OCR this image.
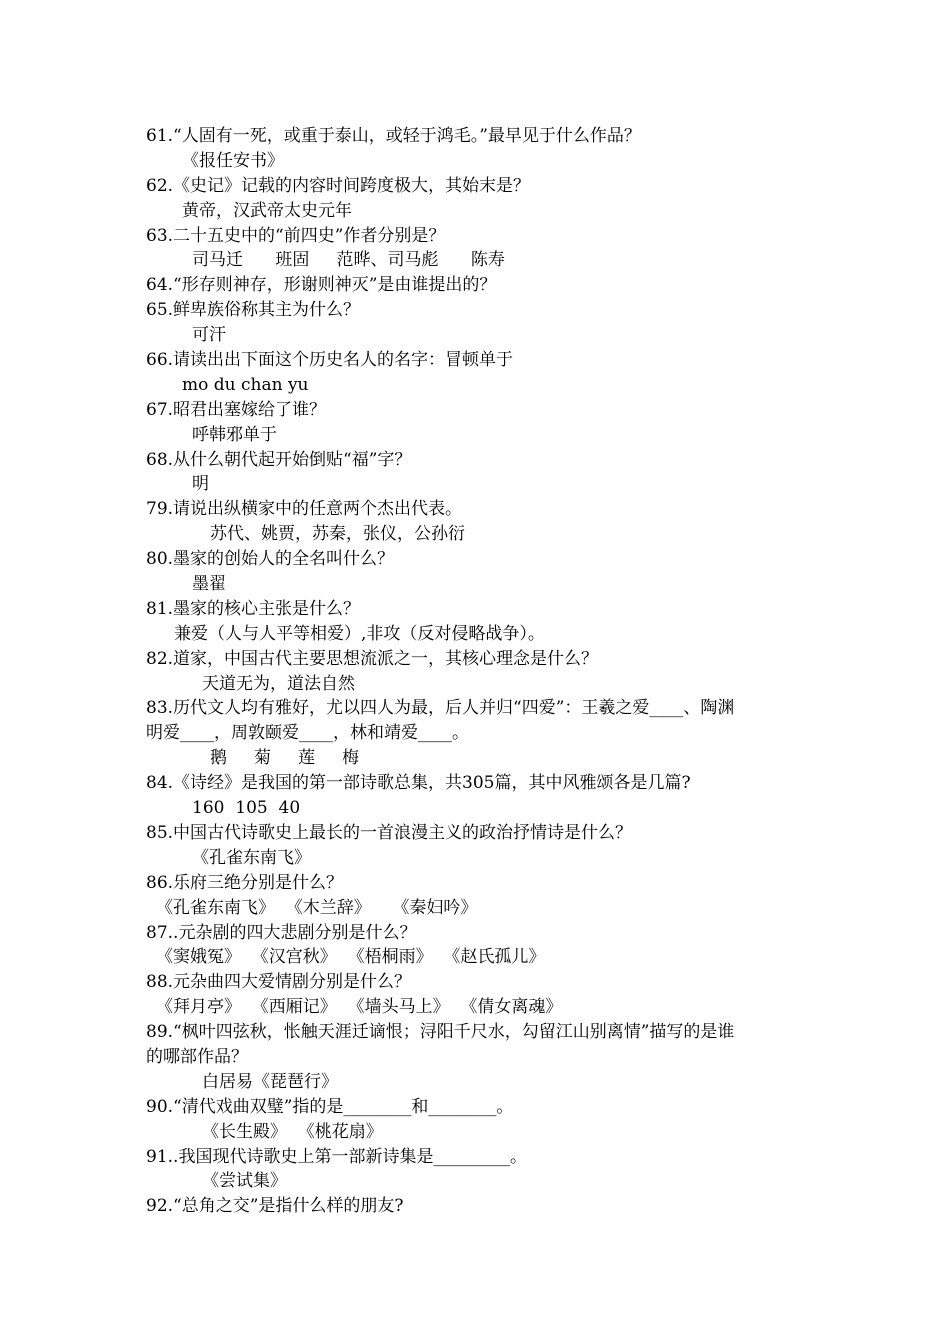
61.“人固有一死，或重于泰山，或轻于鸿毛。”最早见于什么作品？
《报任安书》
62.《史记》记载的内容时间跨度极大，其始末是？
黄帝，汉武帝太史元年
63.二十五史中的“前四史”作者分别是？
司马迁      班固     范晔、司马彪      陈寿
64.“形存则神存，形谢则神灭”是由谁提出的？
65.鲜卑族俗称其主为什么？
可汗
66.请读出出下面这个历史名人的名字：冒顿单于
mo du chan yu
67.昭君出塞嫁给了谁？
呼韩邪单于
68.从什么朝代起开始倒贴“福”字？
明
79.请说出纵横家中的任意两个杰出代表。
苏代、姚贾，苏秦，张仪，公孙衍
80.墨家的创始人的全名叫什么？
墨翟
81.墨家的核心主张是什么？
兼爱（人与人平等相爱）,非攻（反对侵略战争）。
82.道家，中国古代主要思想流派之一，其核心理念是什么？
天道无为，道法自然
83.历代文人均有雅好，尤以四人为最，后人并归“四爱”：王羲之爱____、陶渊
明爱____，周敦颐爱____，林和靖爱____。
鹅     菊     莲     梅
84.《诗经》是我国的第一部诗歌总集，共305篇，其中风雅颂各是几篇?
160  105  40
85.中国古代诗歌史上最长的一首浪漫主义的政治抒情诗是什么？
《孔雀东南飞》
86.乐府三绝分别是什么？
《孔雀东南飞》  《木兰辞》    《秦妇吟》
87..元杂剧的四大悲剧分别是什么？
《窦娥冤》  《汉宫秋》  《梧桐雨》  《赵氏孤儿》
88.元杂曲四大爱情剧分别是什么？
《拜月亭》  《西厢记》  《墙头马上》  《倩女离魂》
89.“枫叶四弦秋，怅触天涯迁谪恨；浔阳千尺水，勾留江山别离情”描写的是谁
的哪部作品？
白居易《琵琶行》
90.“清代戏曲双璧”指的是________和________。
《长生殿》  《桃花扇》
91..我国现代诗歌史上第一部新诗集是_________。
《尝试集》
92.“总角之交”是指什么样的朋友?
